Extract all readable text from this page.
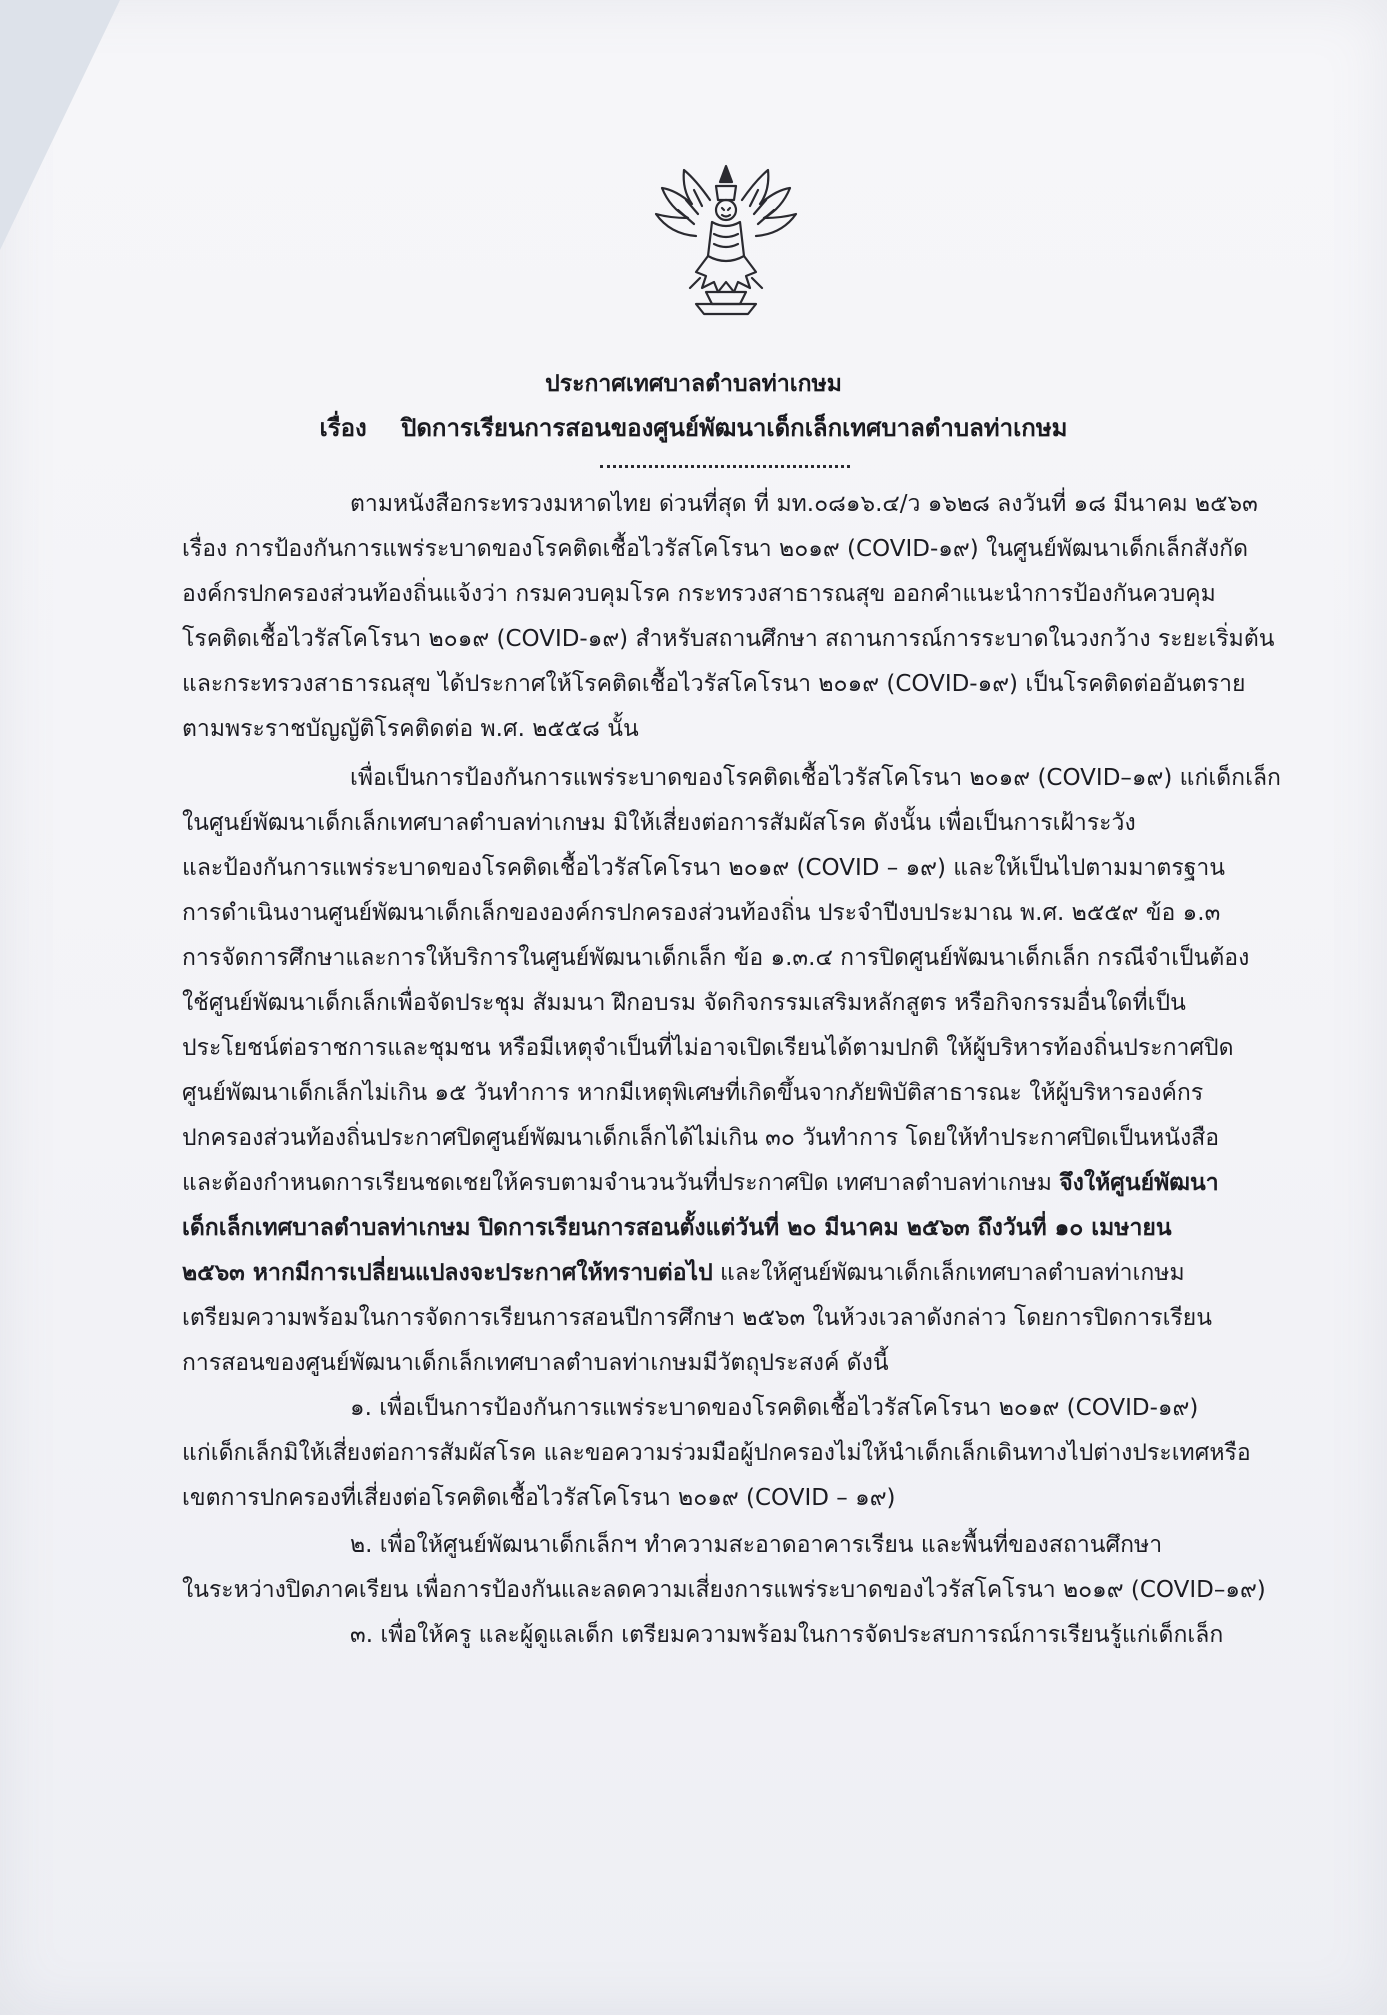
ประกาศเทศบาลตำบลท่าเกษม
เรื่อง ปิดการเรียนการสอนของศูนย์พัฒนาเด็กเล็กเทศบาลตำบลท่าเกษม
ตามหนังสือกระทรวงมหาดไทย ด่วนที่สุด ที่ มท.๐๘๑๖.๔/ว ๑๖๒๘ ลงวันที่ ๑๘ มีนาคม ๒๕๖๓
เรื่อง การป้องกันการแพร่ระบาดของโรคติดเชื้อไวรัสโคโรนา ๒๐๑๙ (COVID-๑๙) ในศูนย์พัฒนาเด็กเล็กสังกัด
องค์กรปกครองส่วนท้องถิ่นแจ้งว่า กรมควบคุมโรค กระทรวงสาธารณสุข ออกคำแนะนำการป้องกันควบคุม
โรคติดเชื้อไวรัสโคโรนา ๒๐๑๙ (COVID-๑๙) สำหรับสถานศึกษา สถานการณ์การระบาดในวงกว้าง ระยะเริ่มต้น
และกระทรวงสาธารณสุข ได้ประกาศให้โรคติดเชื้อไวรัสโคโรนา ๒๐๑๙ (COVID-๑๙) เป็นโรคติดต่ออันตราย
ตามพระราชบัญญัติโรคติดต่อ พ.ศ. ๒๕๕๘ นั้น
เพื่อเป็นการป้องกันการแพร่ระบาดของโรคติดเชื้อไวรัสโคโรนา ๒๐๑๙ (COVID–๑๙) แก่เด็กเล็ก
ในศูนย์พัฒนาเด็กเล็กเทศบาลตำบลท่าเกษม มิให้เสี่ยงต่อการสัมผัสโรค ดังนั้น เพื่อเป็นการเฝ้าระวัง
และป้องกันการแพร่ระบาดของโรคติดเชื้อไวรัสโคโรนา ๒๐๑๙ (COVID – ๑๙) และให้เป็นไปตามมาตรฐาน
การดำเนินงานศูนย์พัฒนาเด็กเล็กขององค์กรปกครองส่วนท้องถิ่น ประจำปีงบประมาณ พ.ศ. ๒๕๕๙ ข้อ ๑.๓
การจัดการศึกษาและการให้บริการในศูนย์พัฒนาเด็กเล็ก ข้อ ๑.๓.๔ การปิดศูนย์พัฒนาเด็กเล็ก กรณีจำเป็นต้อง
ใช้ศูนย์พัฒนาเด็กเล็กเพื่อจัดประชุม สัมมนา ฝึกอบรม จัดกิจกรรมเสริมหลักสูตร หรือกิจกรรมอื่นใดที่เป็น
ประโยชน์ต่อราชการและชุมชน หรือมีเหตุจำเป็นที่ไม่อาจเปิดเรียนได้ตามปกติ ให้ผู้บริหารท้องถิ่นประกาศปิด
ศูนย์พัฒนาเด็กเล็กไม่เกิน ๑๕ วันทำการ หากมีเหตุพิเศษที่เกิดขึ้นจากภัยพิบัติสาธารณะ ให้ผู้บริหารองค์กร
ปกครองส่วนท้องถิ่นประกาศปิดศูนย์พัฒนาเด็กเล็กได้ไม่เกิน ๓๐ วันทำการ โดยให้ทำประกาศปิดเป็นหนังสือ
และต้องกำหนดการเรียนชดเชยให้ครบตามจำนวนวันที่ประกาศปิด เทศบาลตำบลท่าเกษม จึงให้ศูนย์พัฒนา
เด็กเล็กเทศบาลตำบลท่าเกษม ปิดการเรียนการสอนตั้งแต่วันที่ ๒๐ มีนาคม ๒๕๖๓ ถึงวันที่ ๑๐ เมษายน
๒๕๖๓ หากมีการเปลี่ยนแปลงจะประกาศให้ทราบต่อไป และให้ศูนย์พัฒนาเด็กเล็กเทศบาลตำบลท่าเกษม
เตรียมความพร้อมในการจัดการเรียนการสอนปีการศึกษา ๒๕๖๓ ในห้วงเวลาดังกล่าว โดยการปิดการเรียน
การสอนของศูนย์พัฒนาเด็กเล็กเทศบาลตำบลท่าเกษมมีวัตถุประสงค์ ดังนี้
๑. เพื่อเป็นการป้องกันการแพร่ระบาดของโรคติดเชื้อไวรัสโคโรนา ๒๐๑๙ (COVID-๑๙)
แก่เด็กเล็กมิให้เสี่ยงต่อการสัมผัสโรค และขอความร่วมมือผู้ปกครองไม่ให้นำเด็กเล็กเดินทางไปต่างประเทศหรือ
เขตการปกครองที่เสี่ยงต่อโรคติดเชื้อไวรัสโคโรนา ๒๐๑๙ (COVID – ๑๙)
๒. เพื่อให้ศูนย์พัฒนาเด็กเล็กฯ ทำความสะอาดอาคารเรียน และพื้นที่ของสถานศึกษา
ในระหว่างปิดภาคเรียน เพื่อการป้องกันและลดความเสี่ยงการแพร่ระบาดของไวรัสโคโรนา ๒๐๑๙ (COVID–๑๙)
๓. เพื่อให้ครู และผู้ดูแลเด็ก เตรียมความพร้อมในการจัดประสบการณ์การเรียนรู้แก่เด็กเล็ก
